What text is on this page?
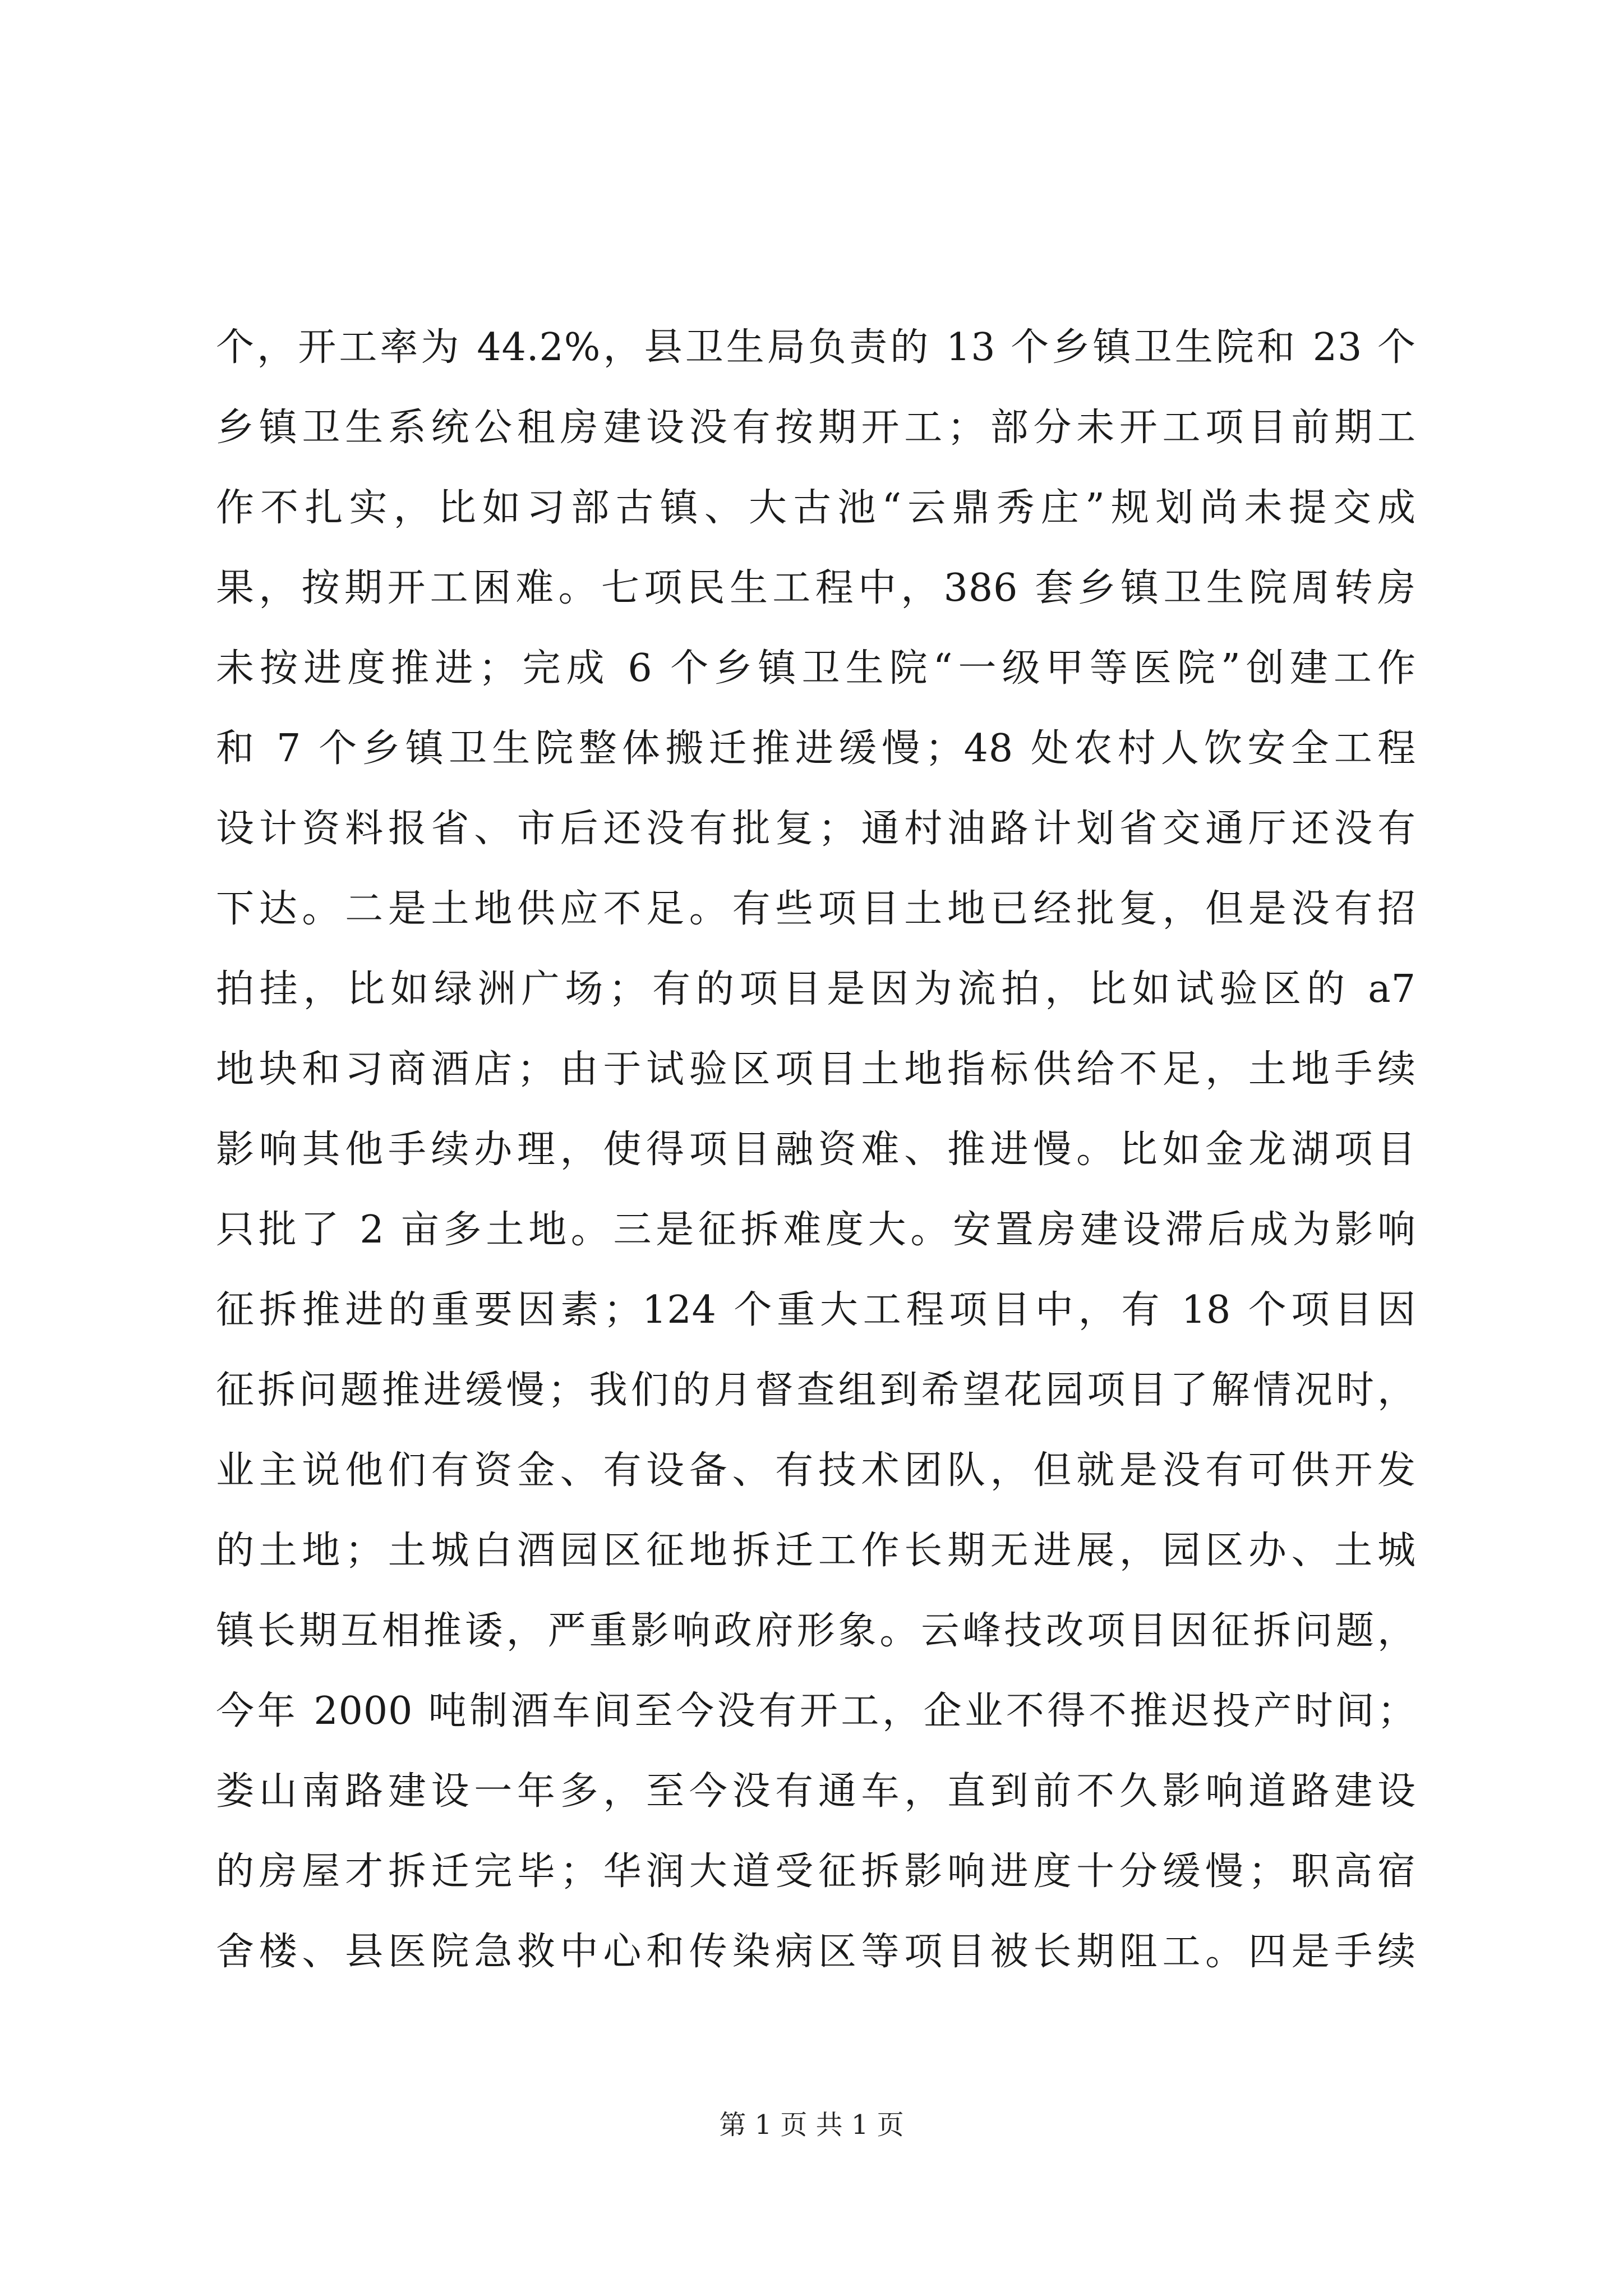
个，开工率为 44.2%，县卫生局负责的 13 个乡镇卫生院和 23 个
乡镇卫生系统公租房建设没有按期开工；部分未开工项目前期工
作不扎实，比如习部古镇、大古池“云鼎秀庄”规划尚未提交成
果，按期开工困难。七项民生工程中，386 套乡镇卫生院周转房
未按进度推进；完成 6 个乡镇卫生院“一级甲等医院”创建工作
和 7 个乡镇卫生院整体搬迁推进缓慢；48 处农村人饮安全工程
设计资料报省、市后还没有批复；通村油路计划省交通厅还没有
下达。二是土地供应不足。有些项目土地已经批复，但是没有招
拍挂，比如绿洲广场；有的项目是因为流拍，比如试验区的 a7
地块和习商酒店；由于试验区项目土地指标供给不足，土地手续
影响其他手续办理，使得项目融资难、推进慢。比如金龙湖项目
只批了 2 亩多土地。三是征拆难度大。安置房建设滞后成为影响
征拆推进的重要因素；124 个重大工程项目中，有 18 个项目因
征拆问题推进缓慢；我们的月督查组到希望花园项目了解情况时，
业主说他们有资金、有设备、有技术团队，但就是没有可供开发
的土地；土城白酒园区征地拆迁工作长期无进展，园区办、土城
镇长期互相推诿，严重影响政府形象。云峰技改项目因征拆问题，
今年 2000 吨制酒车间至今没有开工，企业不得不推迟投产时间；
娄山南路建设一年多，至今没有通车，直到前不久影响道路建设
的房屋才拆迁完毕；华润大道受征拆影响进度十分缓慢；职高宿
舍楼、县医院急救中心和传染病区等项目被长期阻工。四是手续
第 1 页 共 1 页
